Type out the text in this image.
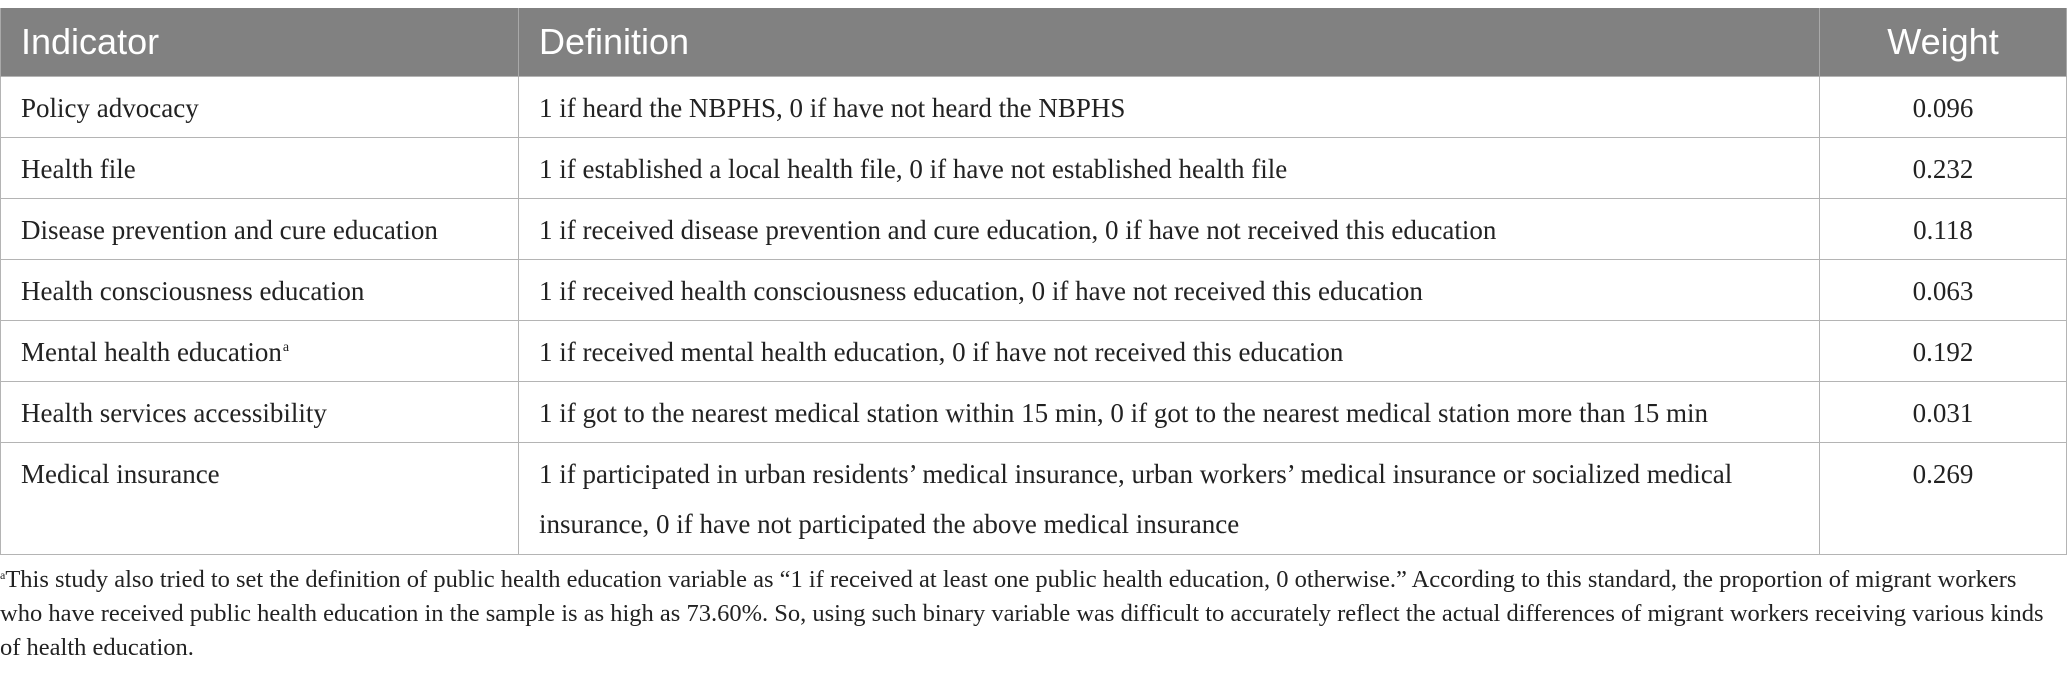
Indicator	Definition	Weight
Policy advocacy	1 if heard the NBPHS, 0 if have not heard the NBPHS	0.096
Health file	1 if established a local health file, 0 if have not established health file	0.232
Disease prevention and cure education	1 if received disease prevention and cure education, 0 if have not received this education	0.118
Health consciousness education	1 if received health consciousness education, 0 if have not received this education	0.063
Mental health education$^a$	1 if received mental health education, 0 if have not received this education	0.192
Health services accessibility	1 if got to the nearest medical station within 15 min, 0 if got to the nearest medical station more than 15 min	0.031
Medical insurance	1 if participated in urban residents’ medical insurance, urban workers’ medical insurance or socialized medical insurance, 0 if have not participated the above medical insurance	0.269
$^a$This study also tried to set the definition of public health education variable as “1 if received at least one public health education, 0 otherwise.” According to this standard, the proportion of migrant workers who have received public health education in the sample is as high as 73.60%. So, using such binary variable was difficult to accurately reflect the actual differences of migrant workers receiving various kinds of health education.
